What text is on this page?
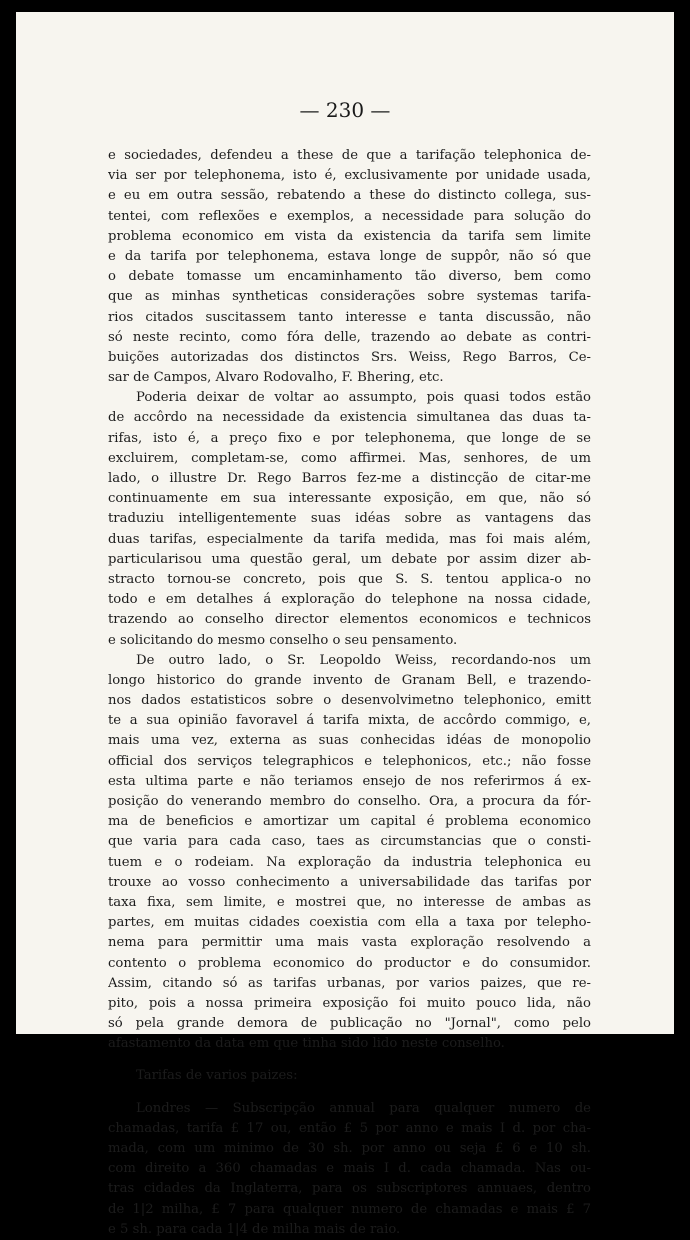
— 230 —
e sociedades, defendeu a these de que a tarifação telephonica de-
via ser por telephonema, isto é, exclusivamente por unidade usada,
e eu em outra sessão, rebatendo a these do distincto collega, sus-
tentei, com reflexões e exemplos, a necessidade para solução do
problema economico em vista da existencia da tarifa sem limite
e da tarifa por telephonema, estava longe de suppôr, não só que
o debate tomasse um encaminhamento tão diverso, bem como
que as minhas syntheticas considerações sobre systemas tarifa-
rios citados suscitassem tanto interesse e tanta discussão, não
só neste recinto, como fóra delle, trazendo ao debate as contri-
buições autorizadas dos distinctos Srs. Weiss, Rego Barros, Ce-
sar de Campos, Alvaro Rodovalho, F. Bhering, etc.
Poderia deixar de voltar ao assumpto, pois quasi todos estão
de accôrdo na necessidade da existencia simultanea das duas ta-
rifas, isto é, a preço fixo e por telephonema, que longe de se
excluirem, completam-se, como affirmei. Mas, senhores, de um
lado, o illustre Dr. Rego Barros fez-me a distincção de citar-me
continuamente em sua interessante exposição, em que, não só
traduziu intelligentemente suas idéas sobre as vantagens das
duas tarifas, especialmente da tarifa medida, mas foi mais além,
particularisou uma questão geral, um debate por assim dizer ab-
stracto tornou-se concreto, pois que S. S. tentou applica-o no
todo e em detalhes á exploração do telephone na nossa cidade,
trazendo ao conselho director elementos economicos e technicos
e solicitando do mesmo conselho o seu pensamento.
De outro lado, o Sr. Leopoldo Weiss, recordando-nos um
longo historico do grande invento de Granam Bell, e trazendo-
nos dados estatisticos sobre o desenvolvimetno telephonico, emitt
te a sua opinião favoravel á tarifa mixta, de accôrdo commigo, e,
mais uma vez, externa as suas conhecidas idéas de monopolio
official dos serviços telegraphicos e telephonicos, etc.; não fosse
esta ultima parte e não teriamos ensejo de nos referirmos á ex-
posição do venerando membro do conselho. Ora, a procura da fór-
ma de beneficios e amortizar um capital é problema economico
que varia para cada caso, taes as circumstancias que o consti-
tuem e o rodeiam. Na exploração da industria telephonica eu
trouxe ao vosso conhecimento a universabilidade das tarifas por
taxa fixa, sem limite, e mostrei que, no interesse de ambas as
partes, em muitas cidades coexistia com ella a taxa por telepho-
nema para permittir uma mais vasta exploração resolvendo a
contento o problema economico do productor e do consumidor.
Assim, citando só as tarifas urbanas, por varios paizes, que re-
pito, pois a nossa primeira exposição foi muito pouco lida, não
só pela grande demora de publicação no "Jornal", como pelo
afastamento da data em que tinha sido lido neste conselho.
Tarifas de varios paizes:
Londres — Subscripção annual para qualquer numero de
chamadas, tarifa £ 17 ou, então £ 5 por anno e mais I d. por cha-
mada, com um minimo de 30 sh. por anno ou seja £ 6 e 10 sh.
com direito a 360 chamadas e mais I d. cada chamada. Nas ou-
tras cidades da Inglaterra, para os subscriptores annuaes, dentro
de 1|2 milha, £ 7 para qualquer numero de chamadas e mais £ 7
e 5 sh. para cada 1|4 de milha mais de raio.
